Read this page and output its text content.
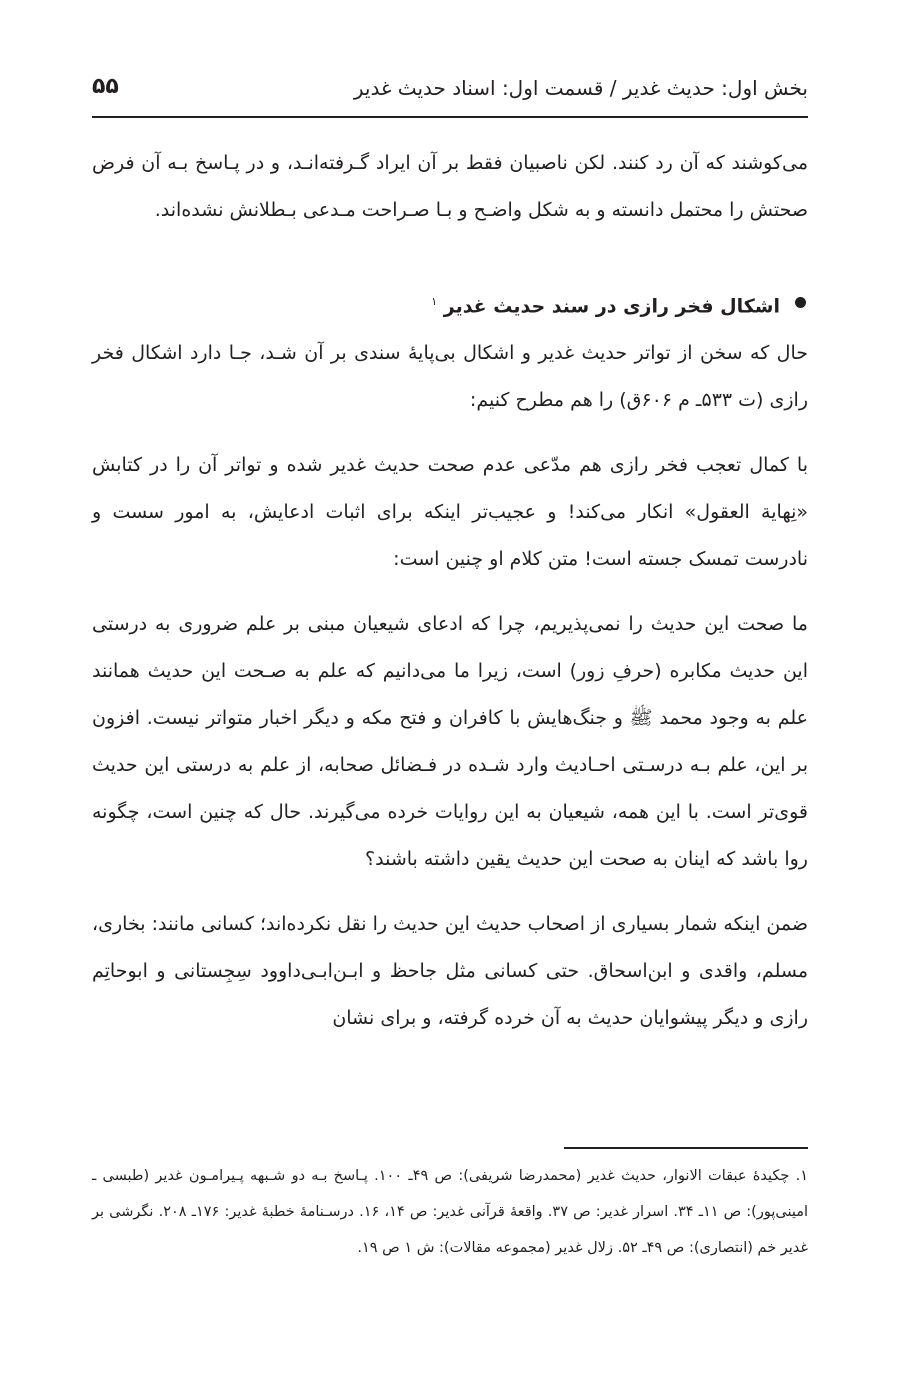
بخش اول: حدیث غدیر / قسمت اول: اسناد حدیث غدیر
۵۵

می‌کوشند که آن رد کنند. لکن ناصبیان فقط بر آن ایراد گـرفته‌انـد، و در پـاسخ بـه آن فرض صحتش را محتمل دانسته و به شکل واضـح و بـا صـراحت مـدعی بـطلانش نشده‌اند.

اشکال فخر رازی در سند حدیث غدیر $^۱$

حال که سخن از تواتر حدیث غدیر و اشکال بی‌پایهٔ سندی بر آن شـد، جـا دارد اشکال فخر رازی (ت ۵۳۳ـ م ۶۰۶ق) را هم مطرح کنیم:

با کمال تعجب فخر رازی هم مدّعی عدم صحت حدیث غدیر شده و تواتر آن را در کتابش «نِهایة العقول» انکار می‌کند! و عجیب‌تر اینکه برای اثبات ادعایش، به امور سست و نادرست تمسک جسته است! متن کلام او چنین است:

ما صحت این حدیث را نمی‌پذیریم، چرا که ادعای شیعیان مبنی بر علم ضروری به درستی این حدیث مکابره (حرفِ زور) است، زیرا ما می‌دانیم که علم به صـحت این حدیث همانند علم به وجود محمد ﷺ و جنگ‌هایش با کافران و فتح مکه و دیگر اخبار متواتر نیست. افزون بر این، علم بـه درسـتی احـادیث وارد شـده در فـضائل صحابه، از علم به درستی این حدیث قوی‌تر است. با این همه، شیعیان به این روایات خرده می‌گیرند. حال که چنین است، چگونه روا باشد که اینان به صحت این حدیث یقین داشته باشند؟

ضمن اینکه شمار بسیاری از اصحاب حدیث این حدیث را نقل نکرده‌اند؛ کسانی مانند: بخاری، مسلم، واقدی و ابن‌اسحاق. حتی کسانی مثل جاحظ و ابـن‌ابـی‌داوود سِجِستانی و ابوحاتِم رازی و دیگر پیشوایان حدیث به آن خرده گرفته، و برای نشان

۱. چکیدهٔ عبقات الانوار، حدیث غدیر (محمدرضا شریفی): ص ۴۹ـ ۱۰۰. پـاسخ بـه دو شـبهه پـیرامـون غدیر (طبسی ـ امینی‌پور): ص ۱۱ـ ۳۴. اسرار غدیر: ص ۳۷. واقعهٔ قرآنی غدیر: ص ۱۴، ۱۶. درسـنامهٔ خطبهٔ غدیر: ۱۷۶ـ ۲۰۸. نگرشی بر غدیر خم (انتصاری): ص ۴۹ـ ۵۲. زلال غدیر (مجموعه مقالات): ش ۱ ص ۱۹.
